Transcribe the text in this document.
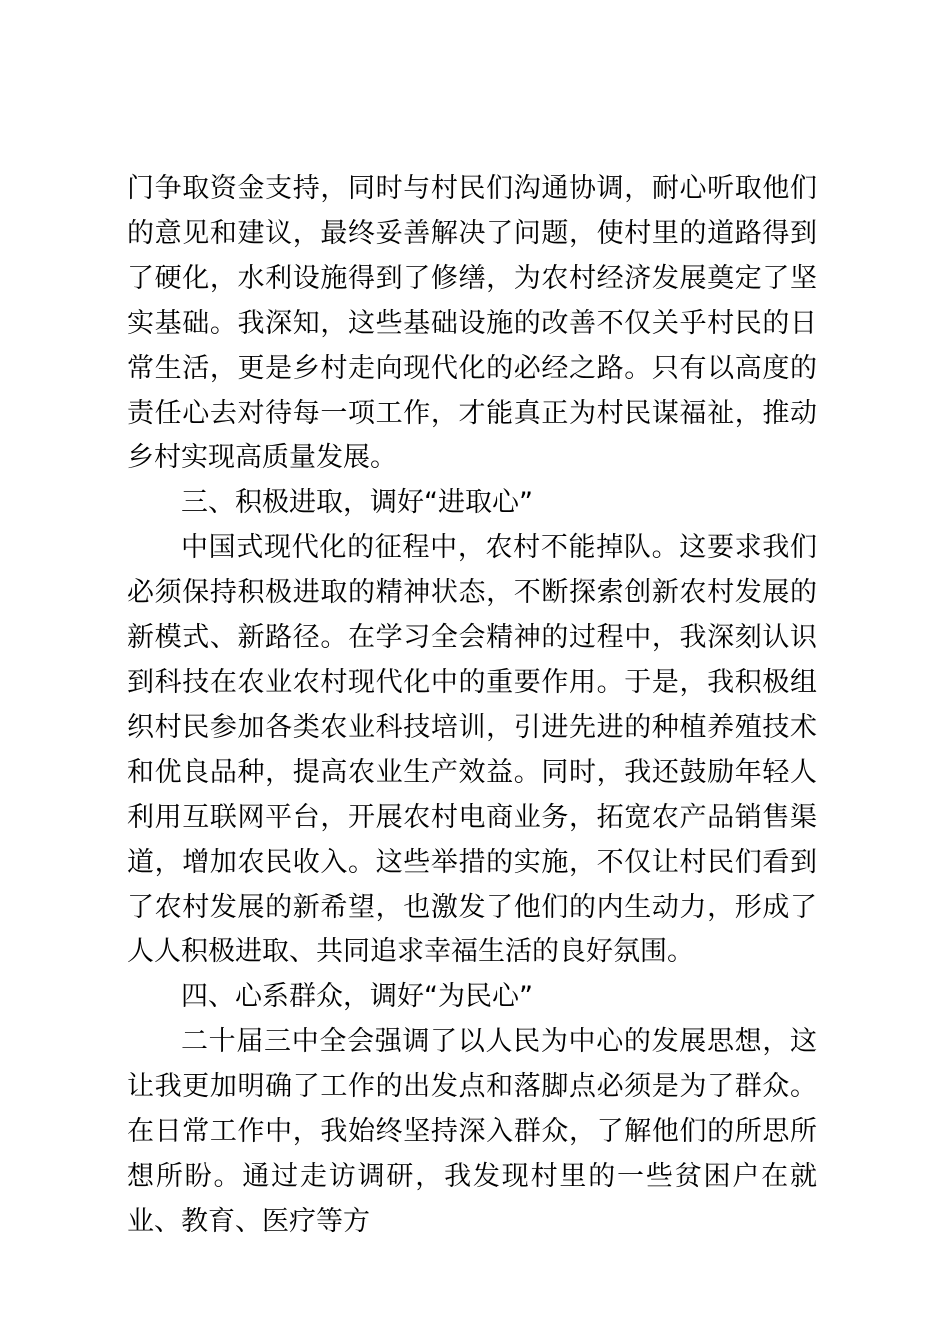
门争取资金支持，同时与村民们沟通协调，耐心听取他们的意见和建议，最终妥善解决了问题，使村里的道路得到了硬化，水利设施得到了修缮，为农村经济发展奠定了坚实基础。我深知，这些基础设施的改善不仅关乎村民的日常生活，更是乡村走向现代化的必经之路。只有以高度的责任心去对待每一项工作，才能真正为村民谋福祉，推动乡村实现高质量发展。

三、积极进取，调好“进取心”

中国式现代化的征程中，农村不能掉队。这要求我们必须保持积极进取的精神状态，不断探索创新农村发展的新模式、新路径。在学习全会精神的过程中，我深刻认识到科技在农业农村现代化中的重要作用。于是，我积极组织村民参加各类农业科技培训，引进先进的种植养殖技术和优良品种，提高农业生产效益。同时，我还鼓励年轻人利用互联网平台，开展农村电商业务，拓宽农产品销售渠道，增加农民收入。这些举措的实施，不仅让村民们看到了农村发展的新希望，也激发了他们的内生动力，形成了人人积极进取、共同追求幸福生活的良好氛围。

四、心系群众，调好“为民心”

二十届三中全会强调了以人民为中心的发展思想，这让我更加明确了工作的出发点和落脚点必须是为了群众。在日常工作中，我始终坚持深入群众，了解他们的所思所想所盼。通过走访调研，我发现村里的一些贫困户在就业、教育、医疗等方
